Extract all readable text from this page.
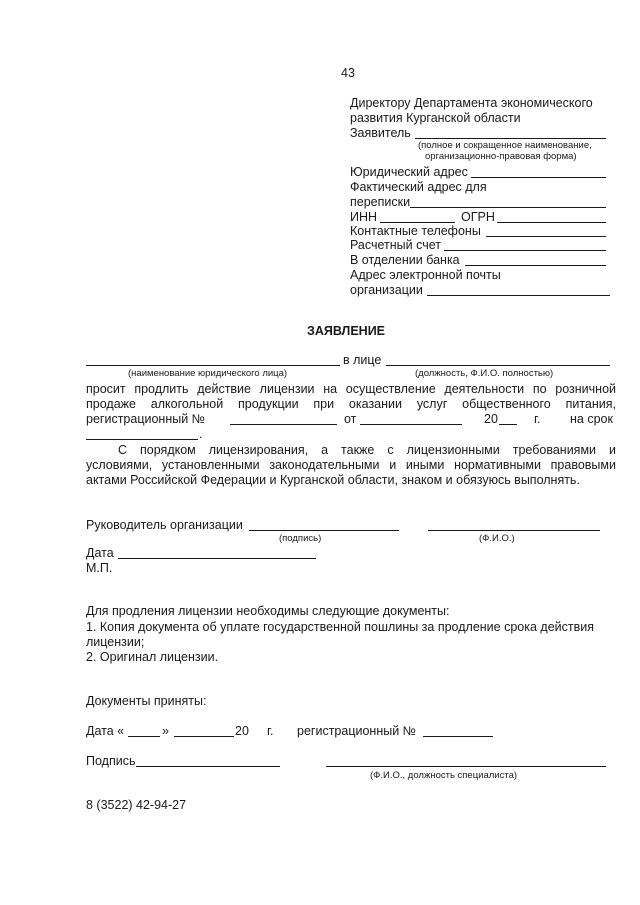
43
Директору Департамента экономического
развития Курганской области
Заявитель
(полное и сокращенное наименование,
организационно-правовая форма)
Юридический адрес
Фактический адрес для
переписки
ИНН	ОГРН
Контактные телефоны
Расчетный счет
В отделении банка
Адрес электронной почты
организации
ЗАЯВЛЕНИЕ
в лице
(наименование юридического лица)	(должность, Ф.И.О. полностью)
просит продлить действие лицензии на осуществление деятельности по розничной
продаже алкогольной продукции при оказании услуг общественного питания,
регистрационный №	от	20	г. на срок
.
С порядком лицензирования, а также с лицензионными требованиями и
условиями, установленными законодательными и иными нормативными правовыми
актами Российской Федерации и Курганской области, знаком и обязуюсь выполнять.
Руководитель организации
(подпись)	(Ф.И.О.)
Дата
М.П.
Для продления лицензии необходимы следующие документы:
1. Копия документа об уплате государственной пошлины за продление срока действия
лицензии;
2. Оригинал лицензии.
Документы приняты:
Дата «	»	20 г. регистрационный №
Подпись
(Ф.И.О., должность специалиста)
8 (3522) 42-94-27
